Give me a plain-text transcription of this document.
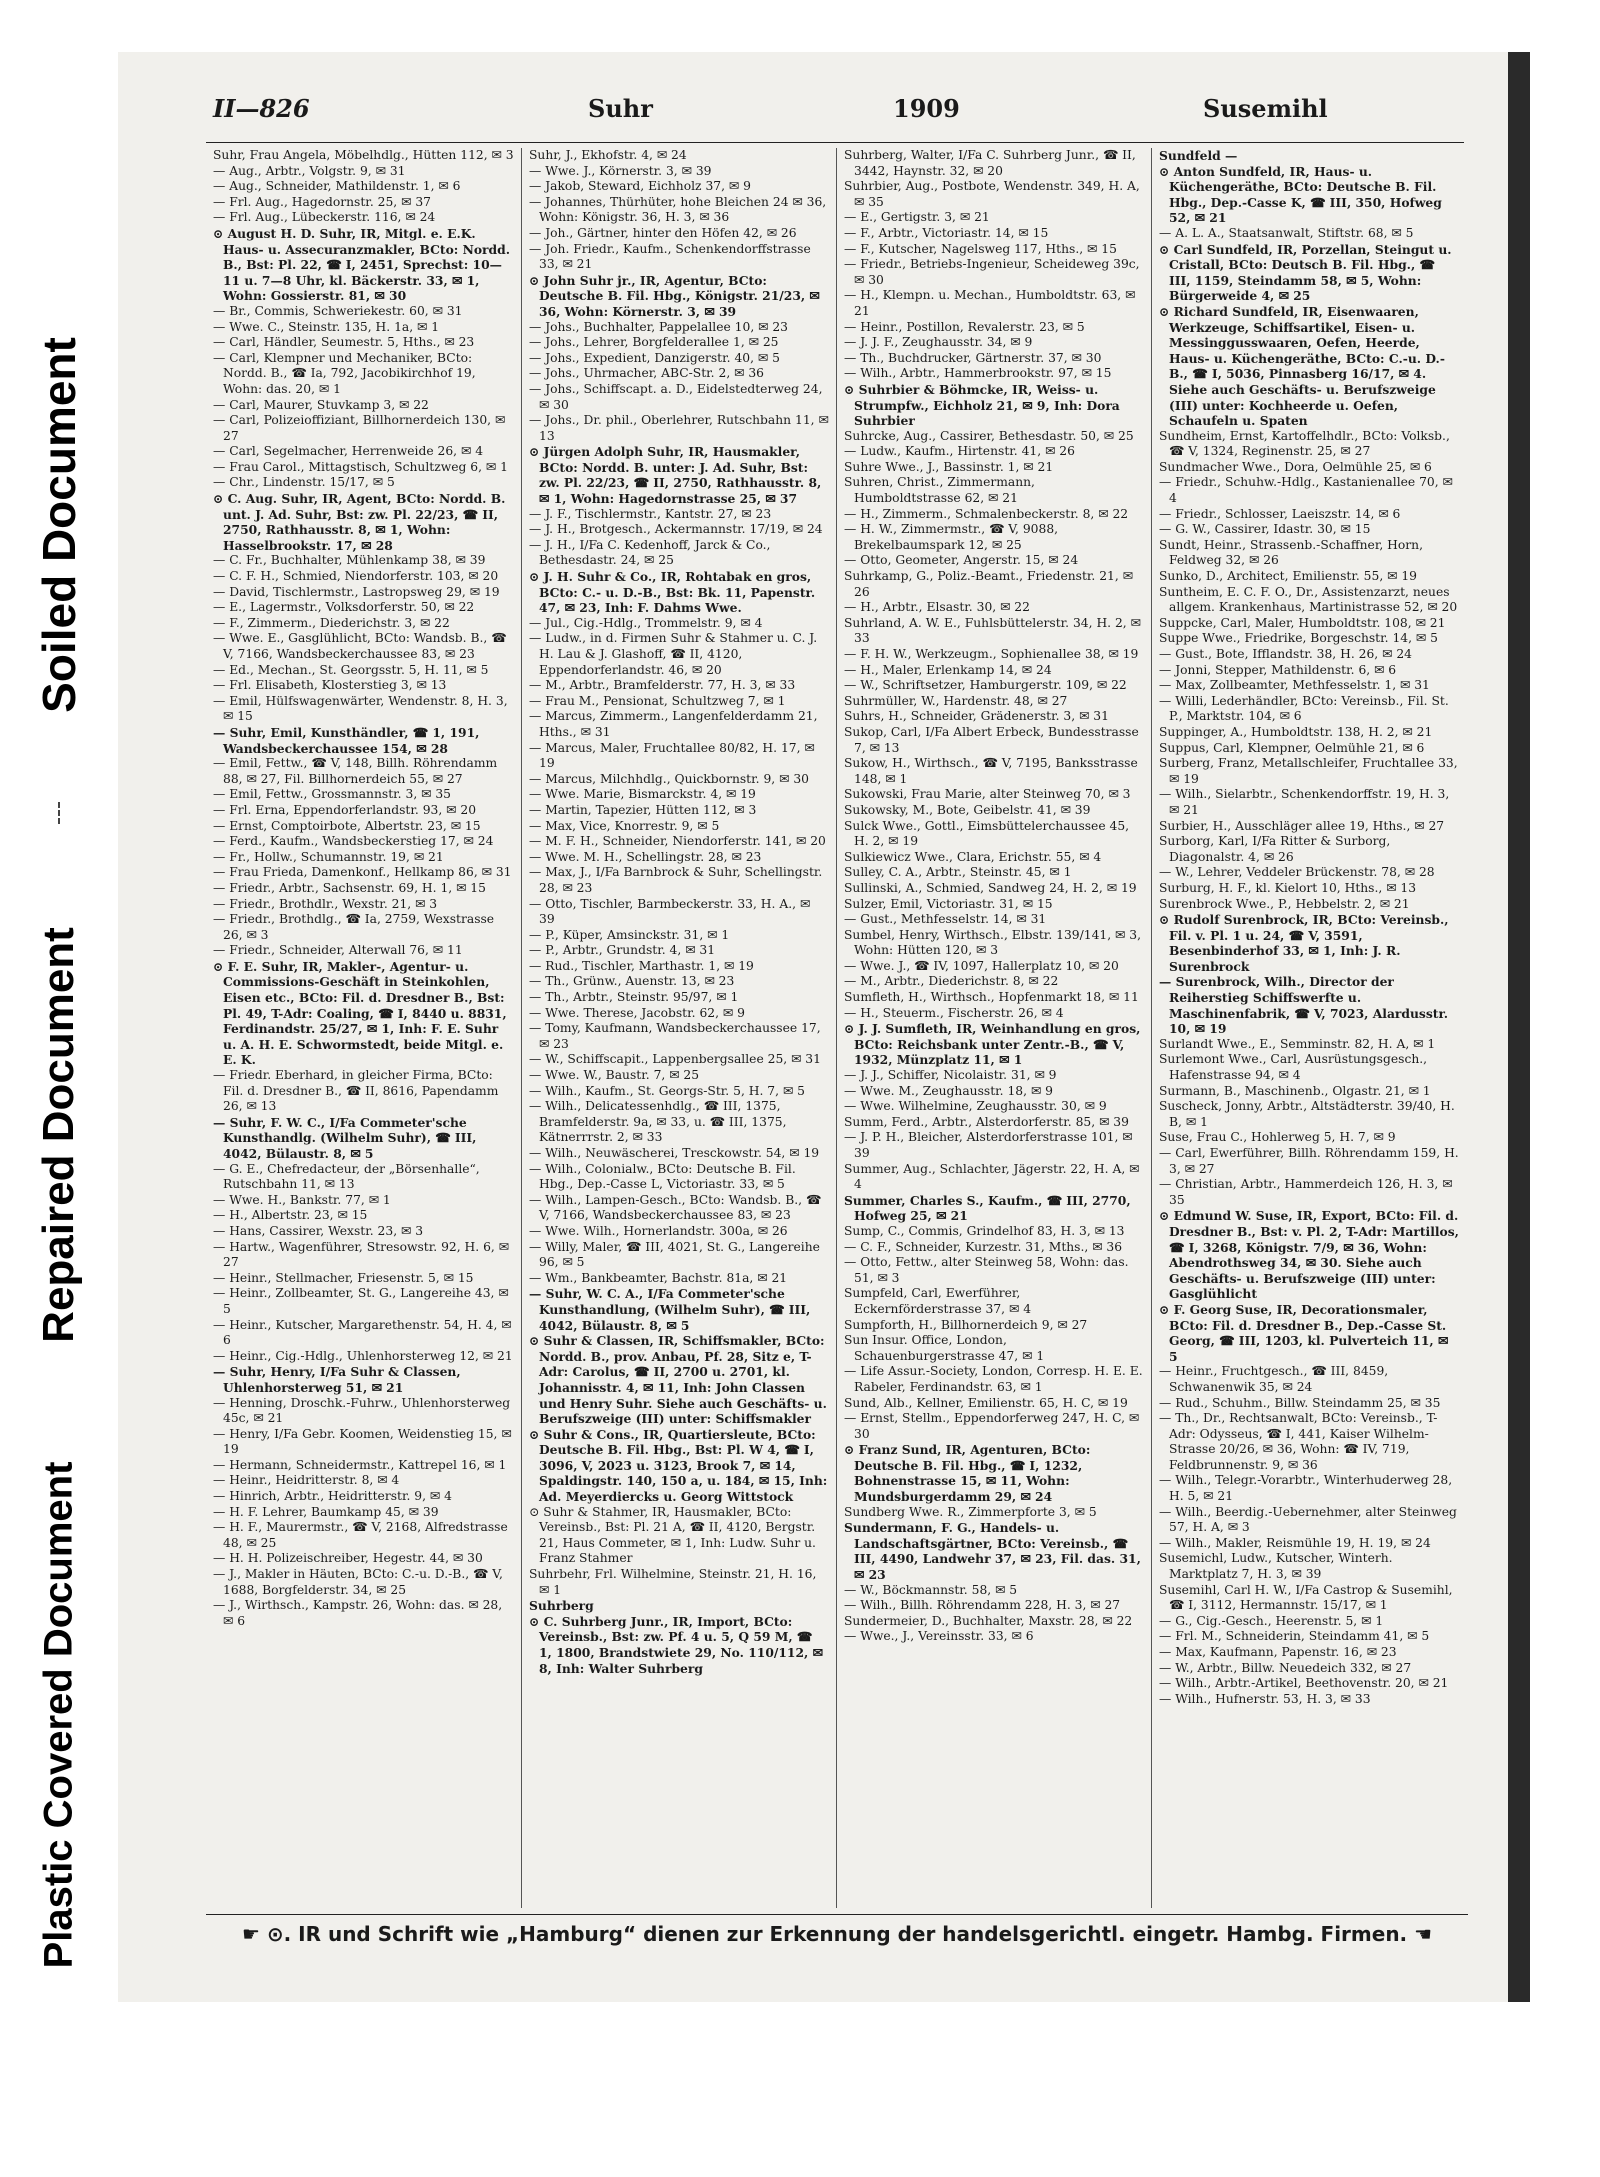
Soiled Document
Repaired Document
Plastic Covered Document
II—826	Suhr	1909	Susemihl

Suhr, Frau Angela, Möbelhdlg., Hütten 112, ✉ 3

— Aug., Arbtr., Volgstr. 9, ✉ 31

— Aug., Schneider, Mathildenstr. 1, ✉ 6

— Frl. Aug., Hagedornstr. 25, ✉ 37

— Frl. Aug., Lübeckerstr. 116, ✉ 24

⊙ August H. D. Suhr, IR, Mitgl. e. E.K. Haus- u. Assecuranzmakler, BCto: Nordd. B., Bst: Pl. 22, ☎ I, 2451, Sprechst: 10—11 u. 7—8 Uhr, kl. Bäckerstr. 33, ✉ 1, Wohn: Gossierstr. 81, ✉ 30

— Br., Commis, Schweriekestr. 60, ✉ 31

— Wwe. C., Steinstr. 135, H. 1a, ✉ 1

— Carl, Händler, Seumestr. 5, Hths., ✉ 23

— Carl, Klempner und Mechaniker, BCto: Nordd. B., ☎ Ia, 792, Jacobikirchhof 19, Wohn: das. 20, ✉ 1

— Carl, Maurer, Stuvkamp 3, ✉ 22

— Carl, Polizeioffiziant, Billhornerdeich 130, ✉ 27

— Carl, Segelmacher, Herrenweide 26, ✉ 4

— Frau Carol., Mittagstisch, Schultzweg 6, ✉ 1

— Chr., Lindenstr. 15/17, ✉ 5

⊙ C. Aug. Suhr, IR, Agent, BCto: Nordd. B. unt. J. Ad. Suhr, Bst: zw. Pl. 22/23, ☎ II, 2750, Rathhausstr. 8, ✉ 1, Wohn: Hasselbrookstr. 17, ✉ 28

— C. Fr., Buchhalter, Mühlenkamp 38, ✉ 39

— C. F. H., Schmied, Niendorferstr. 103, ✉ 20

— David, Tischlermstr., Lastropsweg 29, ✉ 19

— E., Lagermstr., Volksdorferstr. 50, ✉ 22

— F., Zimmerm., Diederichstr. 3, ✉ 22

— Wwe. E., Gasglühlicht, BCto: Wandsb. B., ☎ V, 7166, Wandsbeckerchaussee 83, ✉ 23

— Ed., Mechan., St. Georgsstr. 5, H. 11, ✉ 5

— Frl. Elisabeth, Klosterstieg 3, ✉ 13

— Emil, Hülfswagenwärter, Wendenstr. 8, H. 3, ✉ 15

— Suhr, Emil, Kunsthändler, ☎ 1, 191, Wandsbeckerchaussee 154, ✉ 28

— Emil, Fettw., ☎ V, 148, Billh. Röhrendamm 88, ✉ 27, Fil. Billhornerdeich 55, ✉ 27

— Emil, Fettw., Grossmannstr. 3, ✉ 35

— Frl. Erna, Eppendorferlandstr. 93, ✉ 20

— Ernst, Comptoirbote, Albertstr. 23, ✉ 15

— Ferd., Kaufm., Wandsbeckerstieg 17, ✉ 24

— Fr., Hollw., Schumannstr. 19, ✉ 21

— Frau Frieda, Damenkonf., Hellkamp 86, ✉ 31

— Friedr., Arbtr., Sachsenstr. 69, H. 1, ✉ 15

— Friedr., Brothdlr., Wexstr. 21, ✉ 3

— Friedr., Brothdlg., ☎ Ia, 2759, Wexstrasse 26, ✉ 3

— Friedr., Schneider, Alterwall 76, ✉ 11

⊙ F. E. Suhr, IR, Makler-, Agentur- u. Commissions-Geschäft in Steinkohlen, Eisen etc., BCto: Fil. d. Dresdner B., Bst: Pl. 49, T-Adr: Coaling, ☎ I, 8440 u. 8831, Ferdinandstr. 25/27, ✉ 1, Inh: F. E. Suhr u. A. H. E. Schwormstedt, beide Mitgl. e. E. K.

— Friedr. Eberhard, in gleicher Firma, BCto: Fil. d. Dresdner B., ☎ II, 8616, Papendamm 26, ✉ 13

— Suhr, F. W. C., I/Fa Commeter'sche Kunsthandlg. (Wilhelm Suhr), ☎ III, 4042, Bülaustr. 8, ✉ 5

— G. E., Chefredacteur, der „Börsenhalle“, Rutschbahn 11, ✉ 13

— Wwe. H., Bankstr. 77, ✉ 1

— H., Albertstr. 23, ✉ 15

— Hans, Cassirer, Wexstr. 23, ✉ 3

— Hartw., Wagenführer, Stresowstr. 92, H. 6, ✉ 27

— Heinr., Stellmacher, Friesenstr. 5, ✉ 15

— Heinr., Zollbeamter, St. G., Langereihe 43, ✉ 5

— Heinr., Kutscher, Margarethenstr. 54, H. 4, ✉ 6

— Heinr., Cig.-Hdlg., Uhlenhorsterweg 12, ✉ 21

— Suhr, Henry, I/Fa Suhr & Classen, Uhlenhorsterweg 51, ✉ 21

— Henning, Droschk.-Fuhrw., Uhlenhorsterweg 45c, ✉ 21

— Henry, I/Fa Gebr. Koomen, Weidenstieg 15, ✉ 19

— Hermann, Schneidermstr., Kattrepel 16, ✉ 1

— Heinr., Heidritterstr. 8, ✉ 4

— Hinrich, Arbtr., Heidritterstr. 9, ✉ 4

— H. F. Lehrer, Baumkamp 45, ✉ 39

— H. F., Maurermstr., ☎ V, 2168, Alfredstrasse 48, ✉ 25

— H. H. Polizeischreiber, Hegestr. 44, ✉ 30

— J., Makler in Häuten, BCto: C.-u. D.-B., ☎ V, 1688, Borgfelderstr. 34, ✉ 25

— J., Wirthsch., Kampstr. 26, Wohn: das. ✉ 28, ✉ 6

Suhr, J., Ekhofstr. 4, ✉ 24

— Wwe. J., Körnerstr. 3, ✉ 39

— Jakob, Steward, Eichholz 37, ✉ 9

— Johannes, Thürhüter, hohe Bleichen 24 ✉ 36, Wohn: Königstr. 36, H. 3, ✉ 36

— Joh., Gärtner, hinter den Höfen 42, ✉ 26

— Joh. Friedr., Kaufm., Schenkendorffstrasse 33, ✉ 21

⊙ John Suhr jr., IR, Agentur, BCto: Deutsche B. Fil. Hbg., Königstr. 21/23, ✉ 36, Wohn: Körnerstr. 3, ✉ 39

— Johs., Buchhalter, Pappelallee 10, ✉ 23

— Johs., Lehrer, Borgfelderallee 1, ✉ 25

— Johs., Expedient, Danzigerstr. 40, ✉ 5

— Johs., Uhrmacher, ABC-Str. 2, ✉ 36

— Johs., Schiffscapt. a. D., Eidelstedterweg 24, ✉ 30

— Johs., Dr. phil., Oberlehrer, Rutschbahn 11, ✉ 13

⊙ Jürgen Adolph Suhr, IR, Hausmakler, BCto: Nordd. B. unter: J. Ad. Suhr, Bst: zw. Pl. 22/23, ☎ II, 2750, Rathhausstr. 8, ✉ 1, Wohn: Hagedornstrasse 25, ✉ 37

— J. F., Tischlermstr., Kantstr. 27, ✉ 23

— J. H., Brotgesch., Ackermannstr. 17/19, ✉ 24

— J. H., I/Fa C. Kedenhoff, Jarck & Co., Bethesdastr. 24, ✉ 25

⊙ J. H. Suhr & Co., IR, Rohtabak en gros, BCto: C.- u. D.-B., Bst: Bk. 11, Papenstr. 47, ✉ 23, Inh: F. Dahms Wwe.

— Jul., Cig.-Hdlg., Trommelstr. 9, ✉ 4

— Ludw., in d. Firmen Suhr & Stahmer u. C. J. H. Lau & J. Glashoff, ☎ II, 4120, Eppendorferlandstr. 46, ✉ 20

— M., Arbtr., Bramfelderstr. 77, H. 3, ✉ 33

— Frau M., Pensionat, Schultzweg 7, ✉ 1

— Marcus, Zimmerm., Langenfelderdamm 21, Hths., ✉ 31

— Marcus, Maler, Fruchtallee 80/82, H. 17, ✉ 19

— Marcus, Milchhdlg., Quickbornstr. 9, ✉ 30

— Wwe. Marie, Bismarckstr. 4, ✉ 19

— Martin, Tapezier, Hütten 112, ✉ 3

— Max, Vice, Knorrestr. 9, ✉ 5

— M. F. H., Schneider, Niendorferstr. 141, ✉ 20

— Wwe. M. H., Schellingstr. 28, ✉ 23

— Max, J., I/Fa Barnbrock & Suhr, Schellingstr. 28, ✉ 23

— Otto, Tischler, Barmbeckerstr. 33, H. A., ✉ 39

— P., Küper, Amsinckstr. 31, ✉ 1

— P., Arbtr., Grundstr. 4, ✉ 31

— Rud., Tischler, Marthastr. 1, ✉ 19

— Th., Grünw., Auenstr. 13, ✉ 23

— Th., Arbtr., Steinstr. 95/97, ✉ 1

— Wwe. Therese, Jacobstr. 62, ✉ 9

— Tomy, Kaufmann, Wandsbeckerchaussee 17, ✉ 23

— W., Schiffscapit., Lappenbergsallee 25, ✉ 31

— Wwe. W., Baustr. 7, ✉ 25

— Wilh., Kaufm., St. Georgs-Str. 5, H. 7, ✉ 5

— Wilh., Delicatessenhdlg., ☎ III, 1375, Bramfelderstr. 9a, ✉ 33, u. ☎ III, 1375, Kätnerrrstr. 2, ✉ 33

— Wilh., Neuwäscherei, Tresckowstr. 54, ✉ 19

— Wilh., Colonialw., BCto: Deutsche B. Fil. Hbg., Dep.-Casse L, Victoriastr. 33, ✉ 5

— Wilh., Lampen-Gesch., BCto: Wandsb. B., ☎ V, 7166, Wandsbeckerchaussee 83, ✉ 23

— Wwe. Wilh., Hornerlandstr. 300a, ✉ 26

— Willy, Maler, ☎ III, 4021, St. G., Langereihe 96, ✉ 5

— Wm., Bankbeamter, Bachstr. 81a, ✉ 21

— Suhr, W. C. A., I/Fa Commeter'sche Kunsthandlung, (Wilhelm Suhr), ☎ III, 4042, Bülaustr. 8, ✉ 5

⊙ Suhr & Classen, IR, Schiffsmakler, BCto: Nordd. B., prov. Anbau, Pf. 28, Sitz e, T-Adr: Carolus, ☎ II, 2700 u. 2701, kl. Johannisstr. 4, ✉ 11, Inh: John Classen und Henry Suhr. Siehe auch Geschäfts- u. Berufszweige (III) unter: Schiffsmakler

⊙ Suhr & Cons., IR, Quartiersleute, BCto: Deutsche B. Fil. Hbg., Bst: Pl. W 4, ☎ I, 3096, V, 2023 u. 3123, Brook 7, ✉ 14, Spaldingstr. 140, 150 a, u. 184, ✉ 15, Inh: Ad. Meyerdiercks u. Georg Wittstock

⊙ Suhr & Stahmer, IR, Hausmakler, BCto: Vereinsb., Bst: Pl. 21 A, ☎ II, 4120, Bergstr. 21, Haus Commeter, ✉ 1, Inh: Ludw. Suhr u. Franz Stahmer

Suhrbehr, Frl. Wilhelmine, Steinstr. 21, H. 16, ✉ 1

Suhrberg

⊙ C. Suhrberg Junr., IR, Import, BCto: Vereinsb., Bst: zw. Pf. 4 u. 5, Q 59 M, ☎ 1, 1800, Brandstwiete 29, No. 110/112, ✉ 8, Inh: Walter Suhrberg

Suhrberg, Walter, I/Fa C. Suhrberg Junr., ☎ II, 3442, Haynstr. 32, ✉ 20

Suhrbier, Aug., Postbote, Wendenstr. 349, H. A, ✉ 35

— E., Gertigstr. 3, ✉ 21

— F., Arbtr., Victoriastr. 14, ✉ 15

— F., Kutscher, Nagelsweg 117, Hths., ✉ 15

— Friedr., Betriebs-Ingenieur, Scheideweg 39c, ✉ 30

— H., Klempn. u. Mechan., Humboldtstr. 63, ✉ 21

— Heinr., Postillon, Revalerstr. 23, ✉ 5

— J. J. F., Zeughausstr. 34, ✉ 9

— Th., Buchdrucker, Gärtnerstr. 37, ✉ 30

— Wilh., Arbtr., Hammerbrookstr. 97, ✉ 15

⊙ Suhrbier & Böhmcke, IR, Weiss- u. Strumpfw., Eichholz 21, ✉ 9, Inh: Dora Suhrbier

Suhrcke, Aug., Cassirer, Bethesdastr. 50, ✉ 25

— Ludw., Kaufm., Hirtenstr. 41, ✉ 26

Suhre Wwe., J., Bassinstr. 1, ✉ 21

Suhren, Christ., Zimmermann, Humboldtstrasse 62, ✉ 21

— H., Zimmerm., Schmalenbeckerstr. 8, ✉ 22

— H. W., Zimmermstr., ☎ V, 9088, Brekelbaumspark 12, ✉ 25

— Otto, Geometer, Angerstr. 15, ✉ 24

Suhrkamp, G., Poliz.-Beamt., Friedenstr. 21, ✉ 26

— H., Arbtr., Elsastr. 30, ✉ 22

Suhrland, A. W. E., Fuhlsbüttelerstr. 34, H. 2, ✉ 33

— F. H. W., Werkzeugm., Sophienallee 38, ✉ 19

— H., Maler, Erlenkamp 14, ✉ 24

— W., Schriftsetzer, Hamburgerstr. 109, ✉ 22

Suhrmüller, W., Hardenstr. 48, ✉ 27

Suhrs, H., Schneider, Grädenerstr. 3, ✉ 31

Sukop, Carl, I/Fa Albert Erbeck, Bundesstrasse 7, ✉ 13

Sukow, H., Wirthsch., ☎ V, 7195, Banksstrasse 148, ✉ 1

Sukowski, Frau Marie, alter Steinweg 70, ✉ 3

Sukowsky, M., Bote, Geibelstr. 41, ✉ 39

Sulck Wwe., Gottl., Eimsbüttelerchaussee 45, H. 2, ✉ 19

Sulkiewicz Wwe., Clara, Erichstr. 55, ✉ 4

Sulley, C. A., Arbtr., Steinstr. 45, ✉ 1

Sullinski, A., Schmied, Sandweg 24, H. 2, ✉ 19

Sulzer, Emil, Victoriastr. 31, ✉ 15

— Gust., Methfesselstr. 14, ✉ 31

Sumbel, Henry, Wirthsch., Elbstr. 139/141, ✉ 3, Wohn: Hütten 120, ✉ 3

— Wwe. J., ☎ IV, 1097, Hallerplatz 10, ✉ 20

— M., Arbtr., Diederichstr. 8, ✉ 22

Sumfleth, H., Wirthsch., Hopfenmarkt 18, ✉ 11

— H., Steuerm., Fischerstr. 26, ✉ 4

⊙ J. J. Sumfleth, IR, Weinhandlung en gros, BCto: Reichsbank unter Zentr.-B., ☎ V, 1932, Münzplatz 11, ✉ 1

— J. J., Schiffer, Nicolaistr. 31, ✉ 9

— Wwe. M., Zeughausstr. 18, ✉ 9

— Wwe. Wilhelmine, Zeughausstr. 30, ✉ 9

Summ, Ferd., Arbtr., Alsterdorferstr. 85, ✉ 39

— J. P. H., Bleicher, Alsterdorferstrasse 101, ✉ 39

Summer, Aug., Schlachter, Jägerstr. 22, H. A, ✉ 4

Summer, Charles S., Kaufm., ☎ III, 2770, Hofweg 25, ✉ 21

Sump, C., Commis, Grindelhof 83, H. 3, ✉ 13

— C. F., Schneider, Kurzestr. 31, Mths., ✉ 36

— Otto, Fettw., alter Steinweg 58, Wohn: das. 51, ✉ 3

Sumpfeld, Carl, Ewerführer, Eckernförderstrasse 37, ✉ 4

Sumpforth, H., Billhornerdeich 9, ✉ 27

Sun Insur. Office, London, Schauenburgerstrasse 47, ✉ 1

— Life Assur.-Society, London, Corresp. H. E. E. Rabeler, Ferdinandstr. 63, ✉ 1

Sund, Alb., Kellner, Emilienstr. 65, H. C, ✉ 19

— Ernst, Stellm., Eppendorferweg 247, H. C, ✉ 30

⊙ Franz Sund, IR, Agenturen, BCto: Deutsche B. Fil. Hbg., ☎ I, 1232, Bohnenstrasse 15, ✉ 11, Wohn: Mundsburgerdamm 29, ✉ 24

Sundberg Wwe. R., Zimmerpforte 3, ✉ 5

Sundermann, F. G., Handels- u. Landschaftsgärtner, BCto: Vereinsb., ☎ III, 4490, Landwehr 37, ✉ 23, Fil. das. 31, ✉ 23

— W., Böckmannstr. 58, ✉ 5

— Wilh., Billh. Röhrendamm 228, H. 3, ✉ 27

Sundermeier, D., Buchhalter, Maxstr. 28, ✉ 22

— Wwe., J., Vereinsstr. 33, ✉ 6

Sundfeld —

⊙ Anton Sundfeld, IR, Haus- u. Küchengeräthe, BCto: Deutsche B. Fil. Hbg., Dep.-Casse K, ☎ III, 350, Hofweg 52, ✉ 21

— A. L. A., Staatsanwalt, Stiftstr. 68, ✉ 5

⊙ Carl Sundfeld, IR, Porzellan, Steingut u. Cristall, BCto: Deutsch B. Fil. Hbg., ☎ III, 1159, Steindamm 58, ✉ 5, Wohn: Bürgerweide 4, ✉ 25

⊙ Richard Sundfeld, IR, Eisenwaaren, Werkzeuge, Schiffsartikel, Eisen- u. Messinggusswaaren, Oefen, Heerde, Haus- u. Küchengeräthe, BCto: C.-u. D.-B., ☎ I, 5036, Pinnasberg 16/17, ✉ 4. Siehe auch Geschäfts- u. Berufszweige (III) unter: Kochheerde u. Oefen, Schaufeln u. Spaten

Sundheim, Ernst, Kartoffelhdlr., BCto: Volksb., ☎ V, 1324, Reginenstr. 25, ✉ 27

Sundmacher Wwe., Dora, Oelmühle 25, ✉ 6

— Friedr., Schuhw.-Hdlg., Kastanienallee 70, ✉ 4

— Friedr., Schlosser, Laeiszstr. 14, ✉ 6

— G. W., Cassirer, Idastr. 30, ✉ 15

Sundt, Heinr., Strassenb.-Schaffner, Horn, Feldweg 32, ✉ 26

Sunko, D., Architect, Emilienstr. 55, ✉ 19

Suntheim, E. C. F. O., Dr., Assistenzarzt, neues allgem. Krankenhaus, Martinistrasse 52, ✉ 20

Suppcke, Carl, Maler, Humboldtstr. 108, ✉ 21

Suppe Wwe., Friedrike, Borgeschstr. 14, ✉ 5

— Gust., Bote, Ifflandstr. 38, H. 26, ✉ 24

— Jonni, Stepper, Mathildenstr. 6, ✉ 6

— Max, Zollbeamter, Methfesselstr. 1, ✉ 31

— Willi, Lederhändler, BCto: Vereinsb., Fil. St. P., Marktstr. 104, ✉ 6

Suppinger, A., Humboldtstr. 138, H. 2, ✉ 21

Suppus, Carl, Klempner, Oelmühle 21, ✉ 6

Surberg, Franz, Metallschleifer, Fruchtallee 33, ✉ 19

— Wilh., Sielarbtr., Schenkendorffstr. 19, H. 3, ✉ 21

Surbier, H., Ausschläger allee 19, Hths., ✉ 27

Surborg, Karl, I/Fa Ritter & Surborg, Diagonalstr. 4, ✉ 26

— W., Lehrer, Veddeler Brückenstr. 78, ✉ 28

Surburg, H. F., kl. Kielort 10, Hths., ✉ 13

Surenbrock Wwe., P., Hebbelstr. 2, ✉ 21

⊙ Rudolf Surenbrock, IR, BCto: Vereinsb., Fil. v. Pl. 1 u. 24, ☎ V, 3591, Besenbinderhof 33, ✉ 1, Inh: J. R. Surenbrock

— Surenbrock, Wilh., Director der Reiherstieg Schiffswerfte u. Maschinenfabrik, ☎ V, 7023, Alardusstr. 10, ✉ 19

Surlandt Wwe., E., Semminstr. 82, H. A, ✉ 1

Surlemont Wwe., Carl, Ausrüstungsgesch., Hafenstrasse 94, ✉ 4

Surmann, B., Maschinenb., Olgastr. 21, ✉ 1

Suscheck, Jonny, Arbtr., Altstädterstr. 39/40, H. B, ✉ 1

Suse, Frau C., Hohlerweg 5, H. 7, ✉ 9

— Carl, Ewerführer, Billh. Röhrendamm 159, H. 3, ✉ 27

— Christian, Arbtr., Hammerdeich 126, H. 3, ✉ 35

⊙ Edmund W. Suse, IR, Export, BCto: Fil. d. Dresdner B., Bst: v. Pl. 2, T-Adr: Martillos, ☎ I, 3268, Königstr. 7/9, ✉ 36, Wohn: Abendrothsweg 34, ✉ 30. Siehe auch Geschäfts- u. Berufszweige (III) unter: Gasglühlicht

⊙ F. Georg Suse, IR, Decorationsmaler, BCto: Fil. d. Dresdner B., Dep.-Casse St. Georg, ☎ III, 1203, kl. Pulverteich 11, ✉ 5

— Heinr., Fruchtgesch., ☎ III, 8459, Schwanenwik 35, ✉ 24

— Rud., Schuhm., Billw. Steindamm 25, ✉ 35

— Th., Dr., Rechtsanwalt, BCto: Vereinsb., T-Adr: Odysseus, ☎ I, 441, Kaiser Wilhelm-Strasse 20/26, ✉ 36, Wohn: ☎ IV, 719, Feldbrunnenstr. 9, ✉ 36

— Wilh., Telegr.-Vorarbtr., Winterhuderweg 28, H. 5, ✉ 21

— Wilh., Beerdig.-Uebernehmer, alter Steinweg 57, H. A, ✉ 3

— Wilh., Makler, Reismühle 19, H. 19, ✉ 24

Susemichl, Ludw., Kutscher, Winterh. Marktplatz 7, H. 3, ✉ 39

Susemihl, Carl H. W., I/Fa Castrop & Susemihl, ☎ I, 3112, Hermannstr. 15/17, ✉ 1

— G., Cig.-Gesch., Heerenstr. 5, ✉ 1

— Frl. M., Schneiderin, Steindamm 41, ✉ 5

— Max, Kaufmann, Papenstr. 16, ✉ 23

— W., Arbtr., Billw. Neuedeich 332, ✉ 27

— Wilh., Arbtr.-Artikel, Beethovenstr. 20, ✉ 21

— Wilh., Hufnerstr. 53, H. 3, ✉ 33

☛ ⊙. IR und Schrift wie „Hamburg“ dienen zur Erkennung der handelsgerichtl. eingetr. Hambg. Firmen. ☚
